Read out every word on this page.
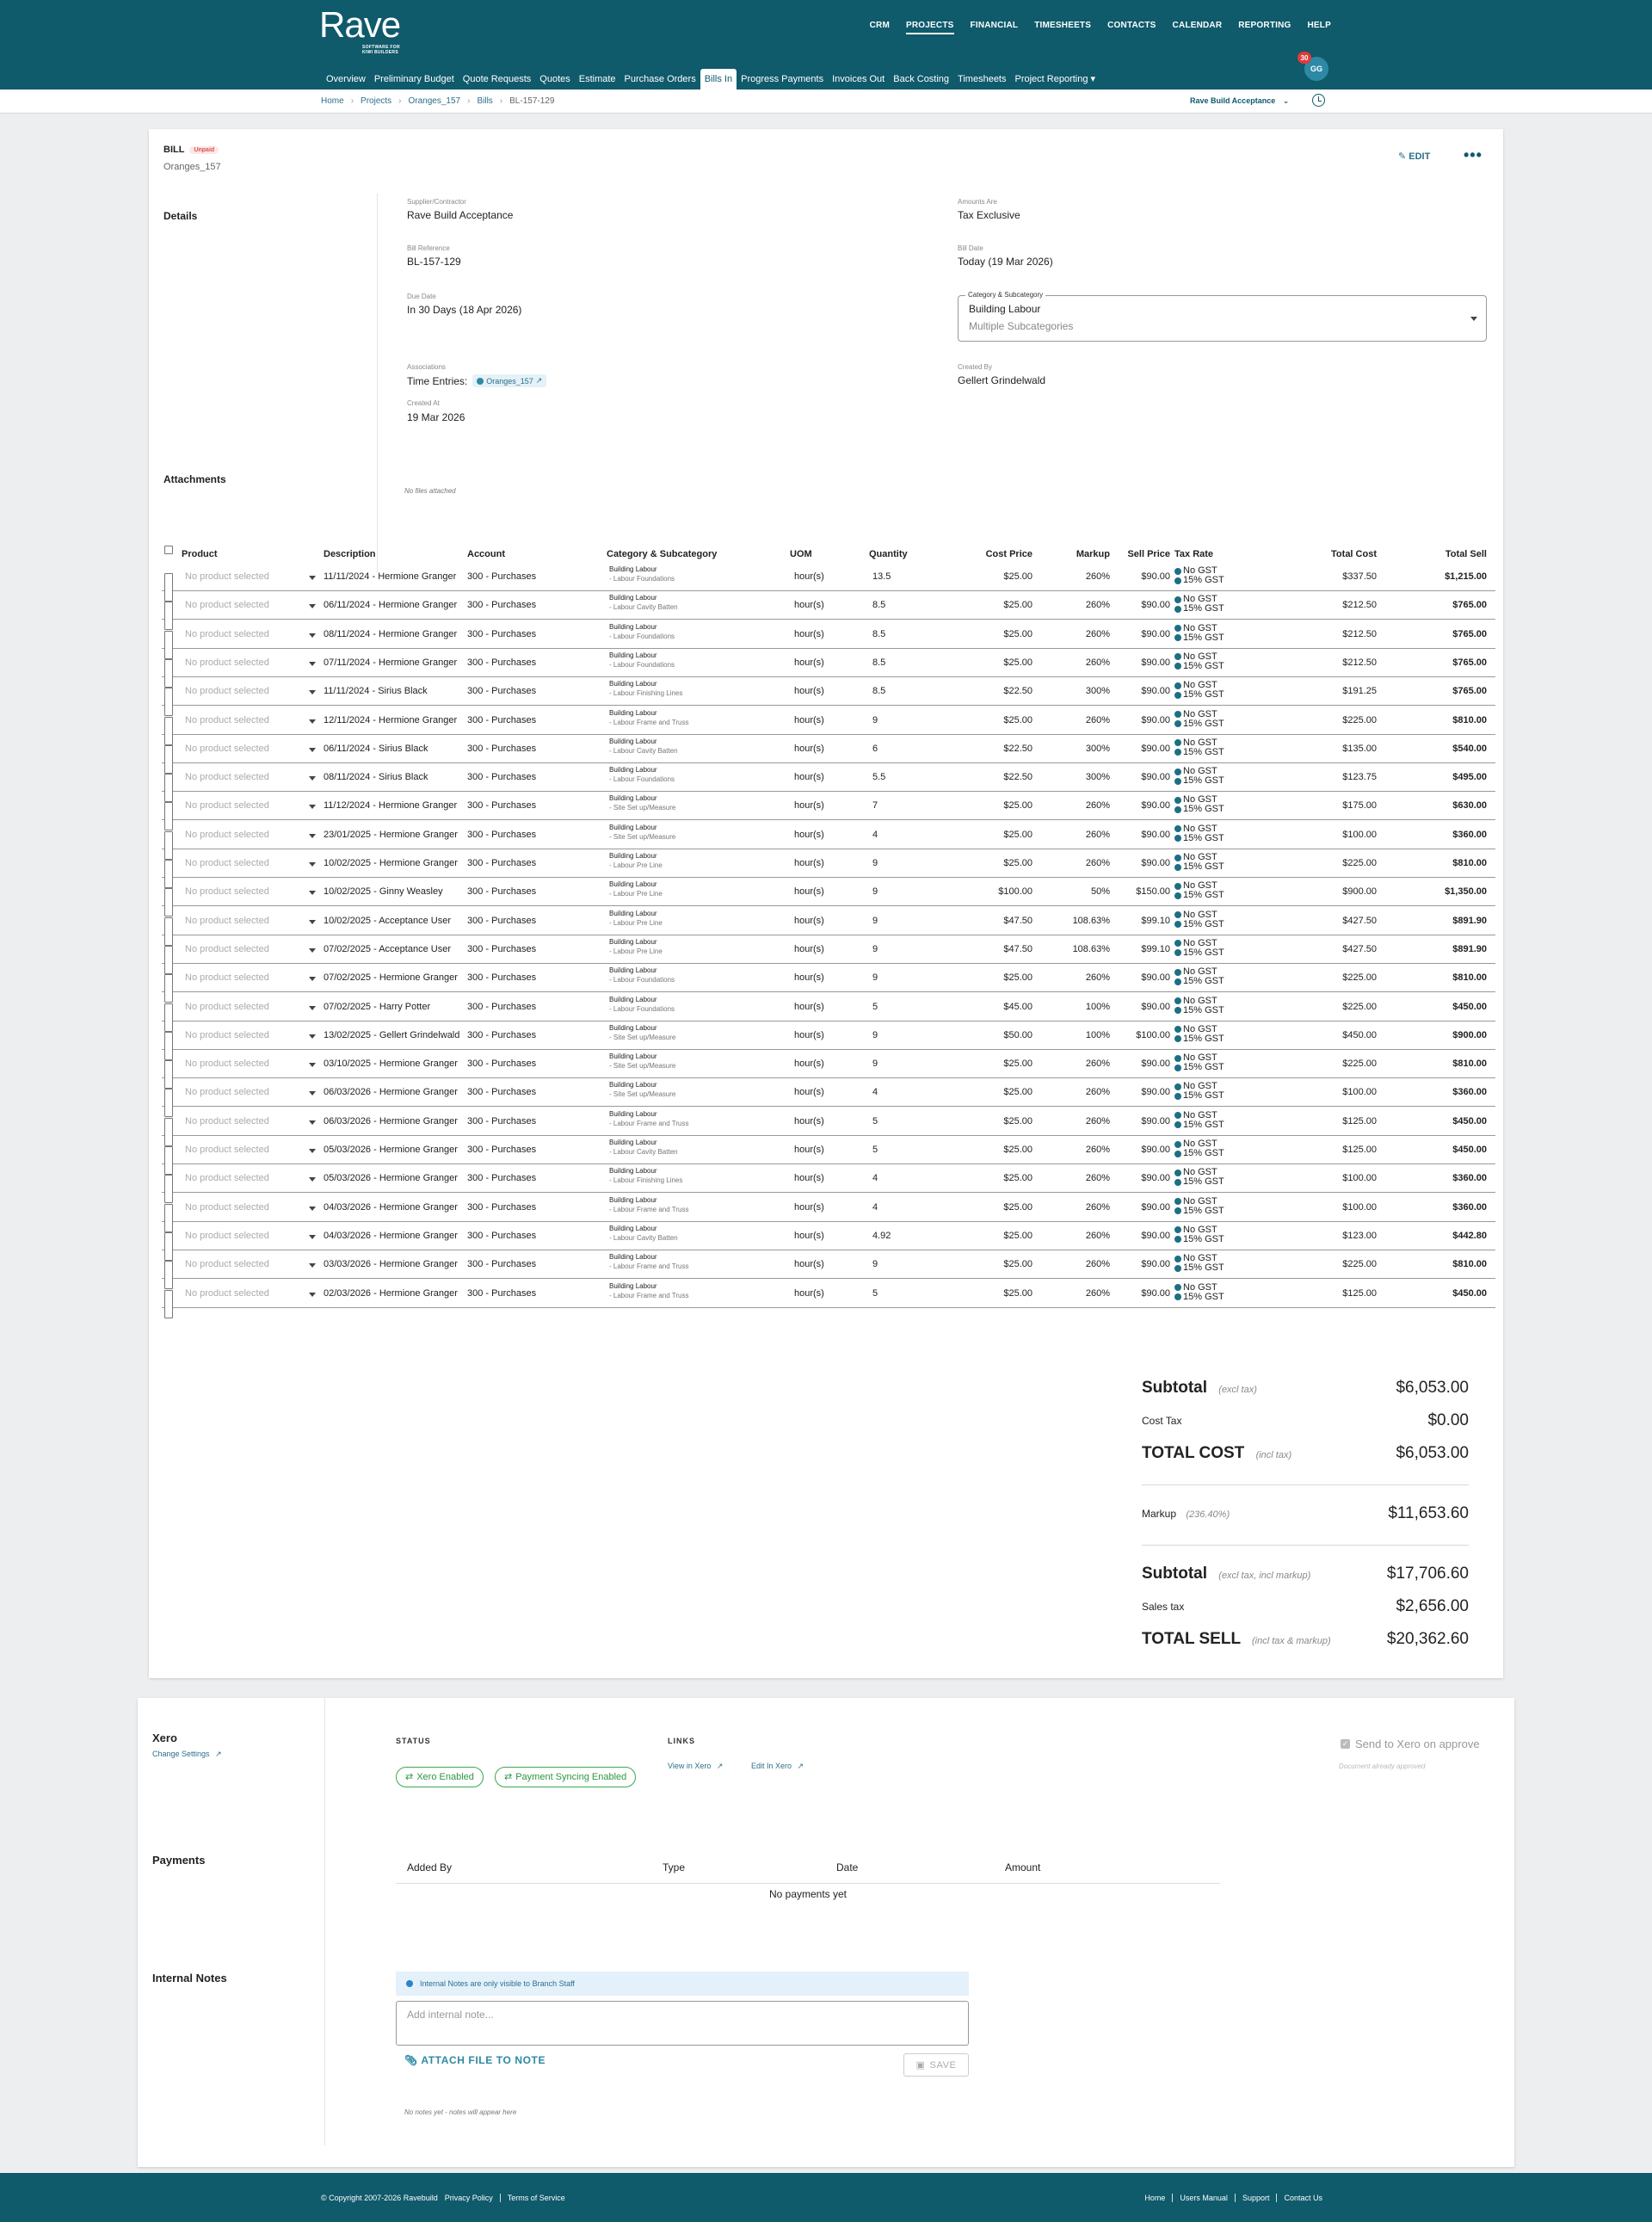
Rave
SOFTWARE FOR
KIWI BUILDERS
CRM PROJECTS FINANCIAL TIMESHEETS CONTACTS CALENDAR REPORTING HELP
Overview Preliminary Budget Quote Requests Quotes Estimate Purchase Orders Bills In Progress Payments Invoices Out Back Costing Timesheets Project Reporting ▾
GG
30
Home › Projects › Oranges_157 › Bills › BL-157-129	Rave Build Acceptance ⌄
BILL Unpaid
Oranges_157
✎ EDIT •••
Details
Supplier/Contractor
Rave Build Acceptance
Amounts Are
Tax Exclusive
Bill Reference
BL-157-129
Bill Date
Today (19 Mar 2026)
Due Date
In 30 Days (18 Apr 2026)
Category & Subcategory
Building Labour
Multiple Subcategories
Associations
Time Entries: Oranges_157 ↗
Created By
Gellert Grindelwald
Created At
19 Mar 2026
Attachments
No files attached
Product	Description	Account	Category & Subcategory	UOM	Quantity	Cost Price	Markup	Sell Price Tax Rate	Total Cost	Total Sell
No product selected	11/11/2024 - Hermione Granger	300 - Purchases
Building Labour
- Labour Foundations	hour(s)	13.5	$25.00	260%	$90.00
No GST
15% GST	$337.50	$1,215.00
No product selected	06/11/2024 - Hermione Granger	300 - Purchases
Building Labour
- Labour Cavity Batten	hour(s)	8.5	$25.00	260%	$90.00
No GST
15% GST	$212.50	$765.00
No product selected	08/11/2024 - Hermione Granger	300 - Purchases
Building Labour
- Labour Foundations	hour(s)	8.5	$25.00	260%	$90.00
No GST
15% GST	$212.50	$765.00
No product selected	07/11/2024 - Hermione Granger	300 - Purchases
Building Labour
- Labour Foundations	hour(s)	8.5	$25.00	260%	$90.00
No GST
15% GST	$212.50	$765.00
No product selected	11/11/2024 - Sirius Black	300 - Purchases
Building Labour
- Labour Finishing Lines	hour(s)	8.5	$22.50	300%	$90.00
No GST
15% GST	$191.25	$765.00
No product selected	12/11/2024 - Hermione Granger	300 - Purchases
Building Labour
- Labour Frame and Truss	hour(s)	9	$25.00	260%	$90.00
No GST
15% GST	$225.00	$810.00
No product selected	06/11/2024 - Sirius Black	300 - Purchases
Building Labour
- Labour Cavity Batten	hour(s)	6	$22.50	300%	$90.00
No GST
15% GST	$135.00	$540.00
No product selected	08/11/2024 - Sirius Black	300 - Purchases
Building Labour
- Labour Foundations	hour(s)	5.5	$22.50	300%	$90.00
No GST
15% GST	$123.75	$495.00
No product selected	11/12/2024 - Hermione Granger	300 - Purchases
Building Labour
- Site Set up/Measure	hour(s)	7	$25.00	260%	$90.00
No GST
15% GST	$175.00	$630.00
No product selected	23/01/2025 - Hermione Granger	300 - Purchases
Building Labour
- Site Set up/Measure	hour(s)	4	$25.00	260%	$90.00
No GST
15% GST	$100.00	$360.00
No product selected	10/02/2025 - Hermione Granger	300 - Purchases
Building Labour
- Labour Pre Line	hour(s)	9	$25.00	260%	$90.00
No GST
15% GST	$225.00	$810.00
No product selected	10/02/2025 - Ginny Weasley	300 - Purchases
Building Labour
- Labour Pre Line	hour(s)	9	$100.00	50%	$150.00
No GST
15% GST	$900.00	$1,350.00
No product selected	10/02/2025 - Acceptance User	300 - Purchases
Building Labour
- Labour Pre Line	hour(s)	9	$47.50	108.63%	$99.10
No GST
15% GST	$427.50	$891.90
No product selected	07/02/2025 - Acceptance User	300 - Purchases
Building Labour
- Labour Pre Line	hour(s)	9	$47.50	108.63%	$99.10
No GST
15% GST	$427.50	$891.90
No product selected	07/02/2025 - Hermione Granger	300 - Purchases
Building Labour
- Labour Foundations	hour(s)	9	$25.00	260%	$90.00
No GST
15% GST	$225.00	$810.00
No product selected	07/02/2025 - Harry Potter	300 - Purchases
Building Labour
- Labour Foundations	hour(s)	5	$45.00	100%	$90.00
No GST
15% GST	$225.00	$450.00
No product selected	13/02/2025 - Gellert Grindelwald 300 - Purchases
Building Labour
- Site Set up/Measure	hour(s)	9	$50.00	100%	$100.00
No GST
15% GST	$450.00	$900.00
No product selected	03/10/2025 - Hermione Granger	300 - Purchases
Building Labour
- Site Set up/Measure	hour(s)	9	$25.00	260%	$90.00
No GST
15% GST	$225.00	$810.00
No product selected	06/03/2026 - Hermione Granger	300 - Purchases
Building Labour
- Site Set up/Measure	hour(s)	4	$25.00	260%	$90.00
No GST
15% GST	$100.00	$360.00
No product selected	06/03/2026 - Hermione Granger	300 - Purchases
Building Labour
- Labour Frame and Truss	hour(s)	5	$25.00	260%	$90.00
No GST
15% GST	$125.00	$450.00
No product selected	05/03/2026 - Hermione Granger	300 - Purchases
Building Labour
- Labour Cavity Batten	hour(s)	5	$25.00	260%	$90.00
No GST
15% GST	$125.00	$450.00
No product selected	05/03/2026 - Hermione Granger	300 - Purchases
Building Labour
- Labour Finishing Lines	hour(s)	4	$25.00	260%	$90.00
No GST
15% GST	$100.00	$360.00
No product selected	04/03/2026 - Hermione Granger	300 - Purchases
Building Labour
- Labour Frame and Truss	hour(s)	4	$25.00	260%	$90.00
No GST
15% GST	$100.00	$360.00
No product selected	04/03/2026 - Hermione Granger	300 - Purchases
Building Labour
- Labour Cavity Batten	hour(s)	4.92	$25.00	260%	$90.00
No GST
15% GST	$123.00	$442.80
No product selected	03/03/2026 - Hermione Granger	300 - Purchases
Building Labour
- Labour Frame and Truss	hour(s)	9	$25.00	260%	$90.00
No GST
15% GST	$225.00	$810.00
No product selected	02/03/2026 - Hermione Granger	300 - Purchases
Building Labour
- Labour Frame and Truss	hour(s)	5	$25.00	260%	$90.00
No GST
15% GST	$125.00	$450.00
Subtotal (excl tax)	$6,053.00
Cost Tax	$0.00
TOTAL COST (incl tax)	$6,053.00
Markup (236.40%)	$11,653.60
Subtotal (excl tax, incl markup)	$17,706.60
Sales tax	$2,656.00
TOTAL SELL (incl tax & markup)	$20,362.60
Xero
Change Settings ↗
STATUS	LINKS
⇄ Xero Enabled	⇄ Payment Syncing Enabled
View in Xero ↗	Edit In Xero ↗
✓ Send to Xero on approve
Document already approved
Payments
Added By	Type	Date	Amount
No payments yet
Internal Notes	Internal Notes are only visible to Branch Staff
Add internal note...
📎︎ ATTACH FILE TO NOTE	▣ SAVE
No notes yet - notes will appear here
© Copyright 2007-2026 Ravebuild Privacy Policy Terms of Service	Home Users Manual Support Contact Us
